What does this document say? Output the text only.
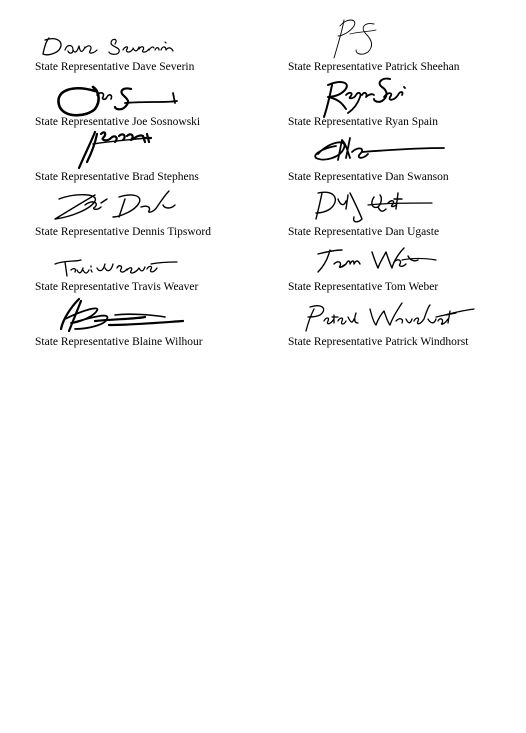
State Representative Dave Severin
State Representative Joe Sosnowski
State Representative Brad Stephens
State Representative Dennis Tipsword
State Representative Travis Weaver
State Representative Blaine Wilhour
State Representative Patrick Sheehan
State Representative Ryan Spain
State Representative Dan Swanson
State Representative Dan Ugaste
State Representative Tom Weber
State Representative Patrick Windhorst
